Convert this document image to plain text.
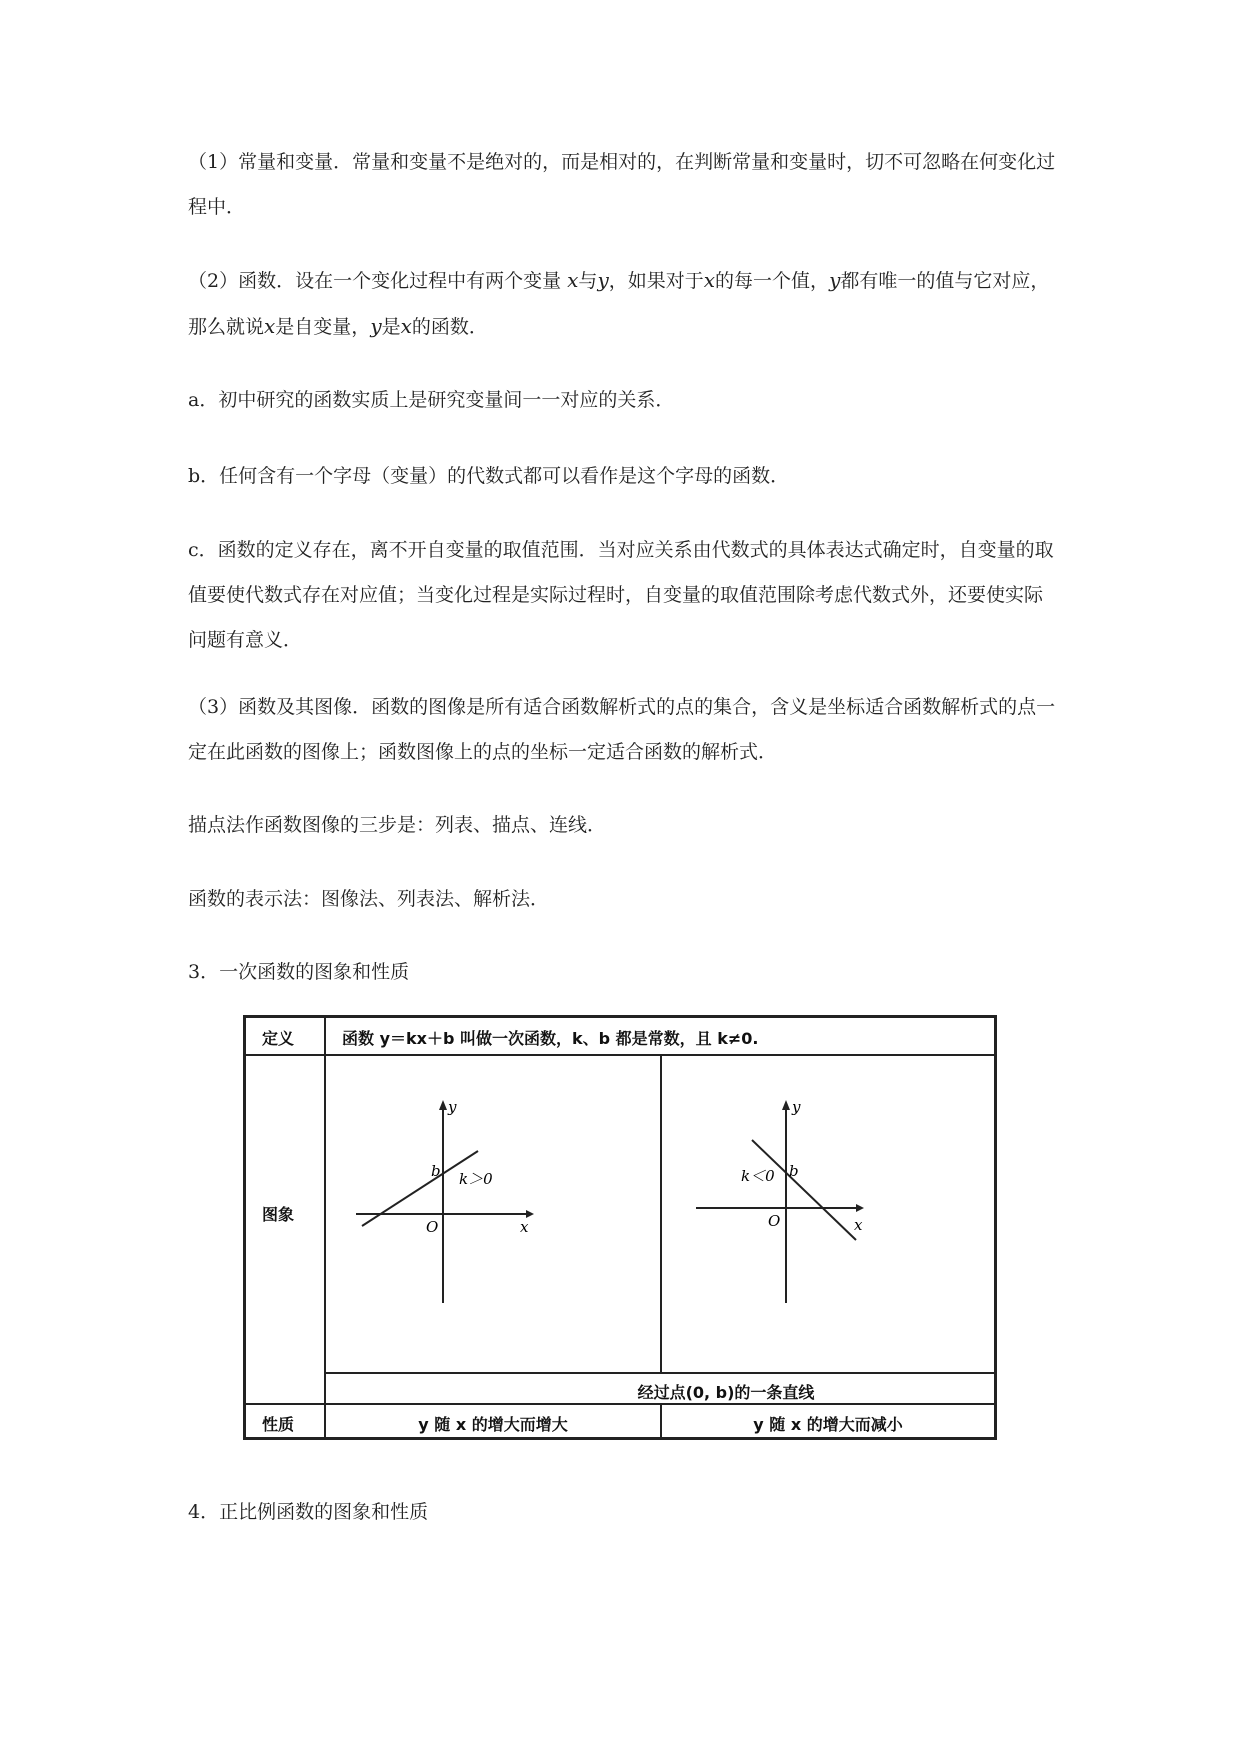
（1）常量和变量．常量和变量不是绝对的，而是相对的，在判断常量和变量时，切不可忽略在何变化过程中．
（2）函数．设在一个变化过程中有两个变量 x与y，如果对于x的每一个值，y都有唯一的值与它对应，那么就说x是自变量，y是x的函数．
a．初中研究的函数实质上是研究变量间一一对应的关系．
b．任何含有一个字母（变量）的代数式都可以看作是这个字母的函数．
c．函数的定义存在，离不开自变量的取值范围．当对应关系由代数式的具体表达式确定时，自变量的取值要使代数式存在对应值；当变化过程是实际过程时，自变量的取值范围除考虑代数式外，还要使实际问题有意义．
（3）函数及其图像．函数的图像是所有适合函数解析式的点的集合，含义是坐标适合函数解析式的点一定在此函数的图像上；函数图像上的点的坐标一定适合函数的解析式．
描点法作函数图像的三步是：列表、描点、连线．
函数的表示法：图像法、列表法、解析法．
3．一次函数的图象和性质
定义	函数 y＝kx＋b 叫做一次函数，k、b 都是常数，且 k≠0.
图象
经过点(0, b)的一条直线
性质	y 随 x 的增大而增大	y 随 x 的增大而减小
y
b k＞0
O	x
y
b
k＜0
O	x
4．正比例函数的图象和性质
